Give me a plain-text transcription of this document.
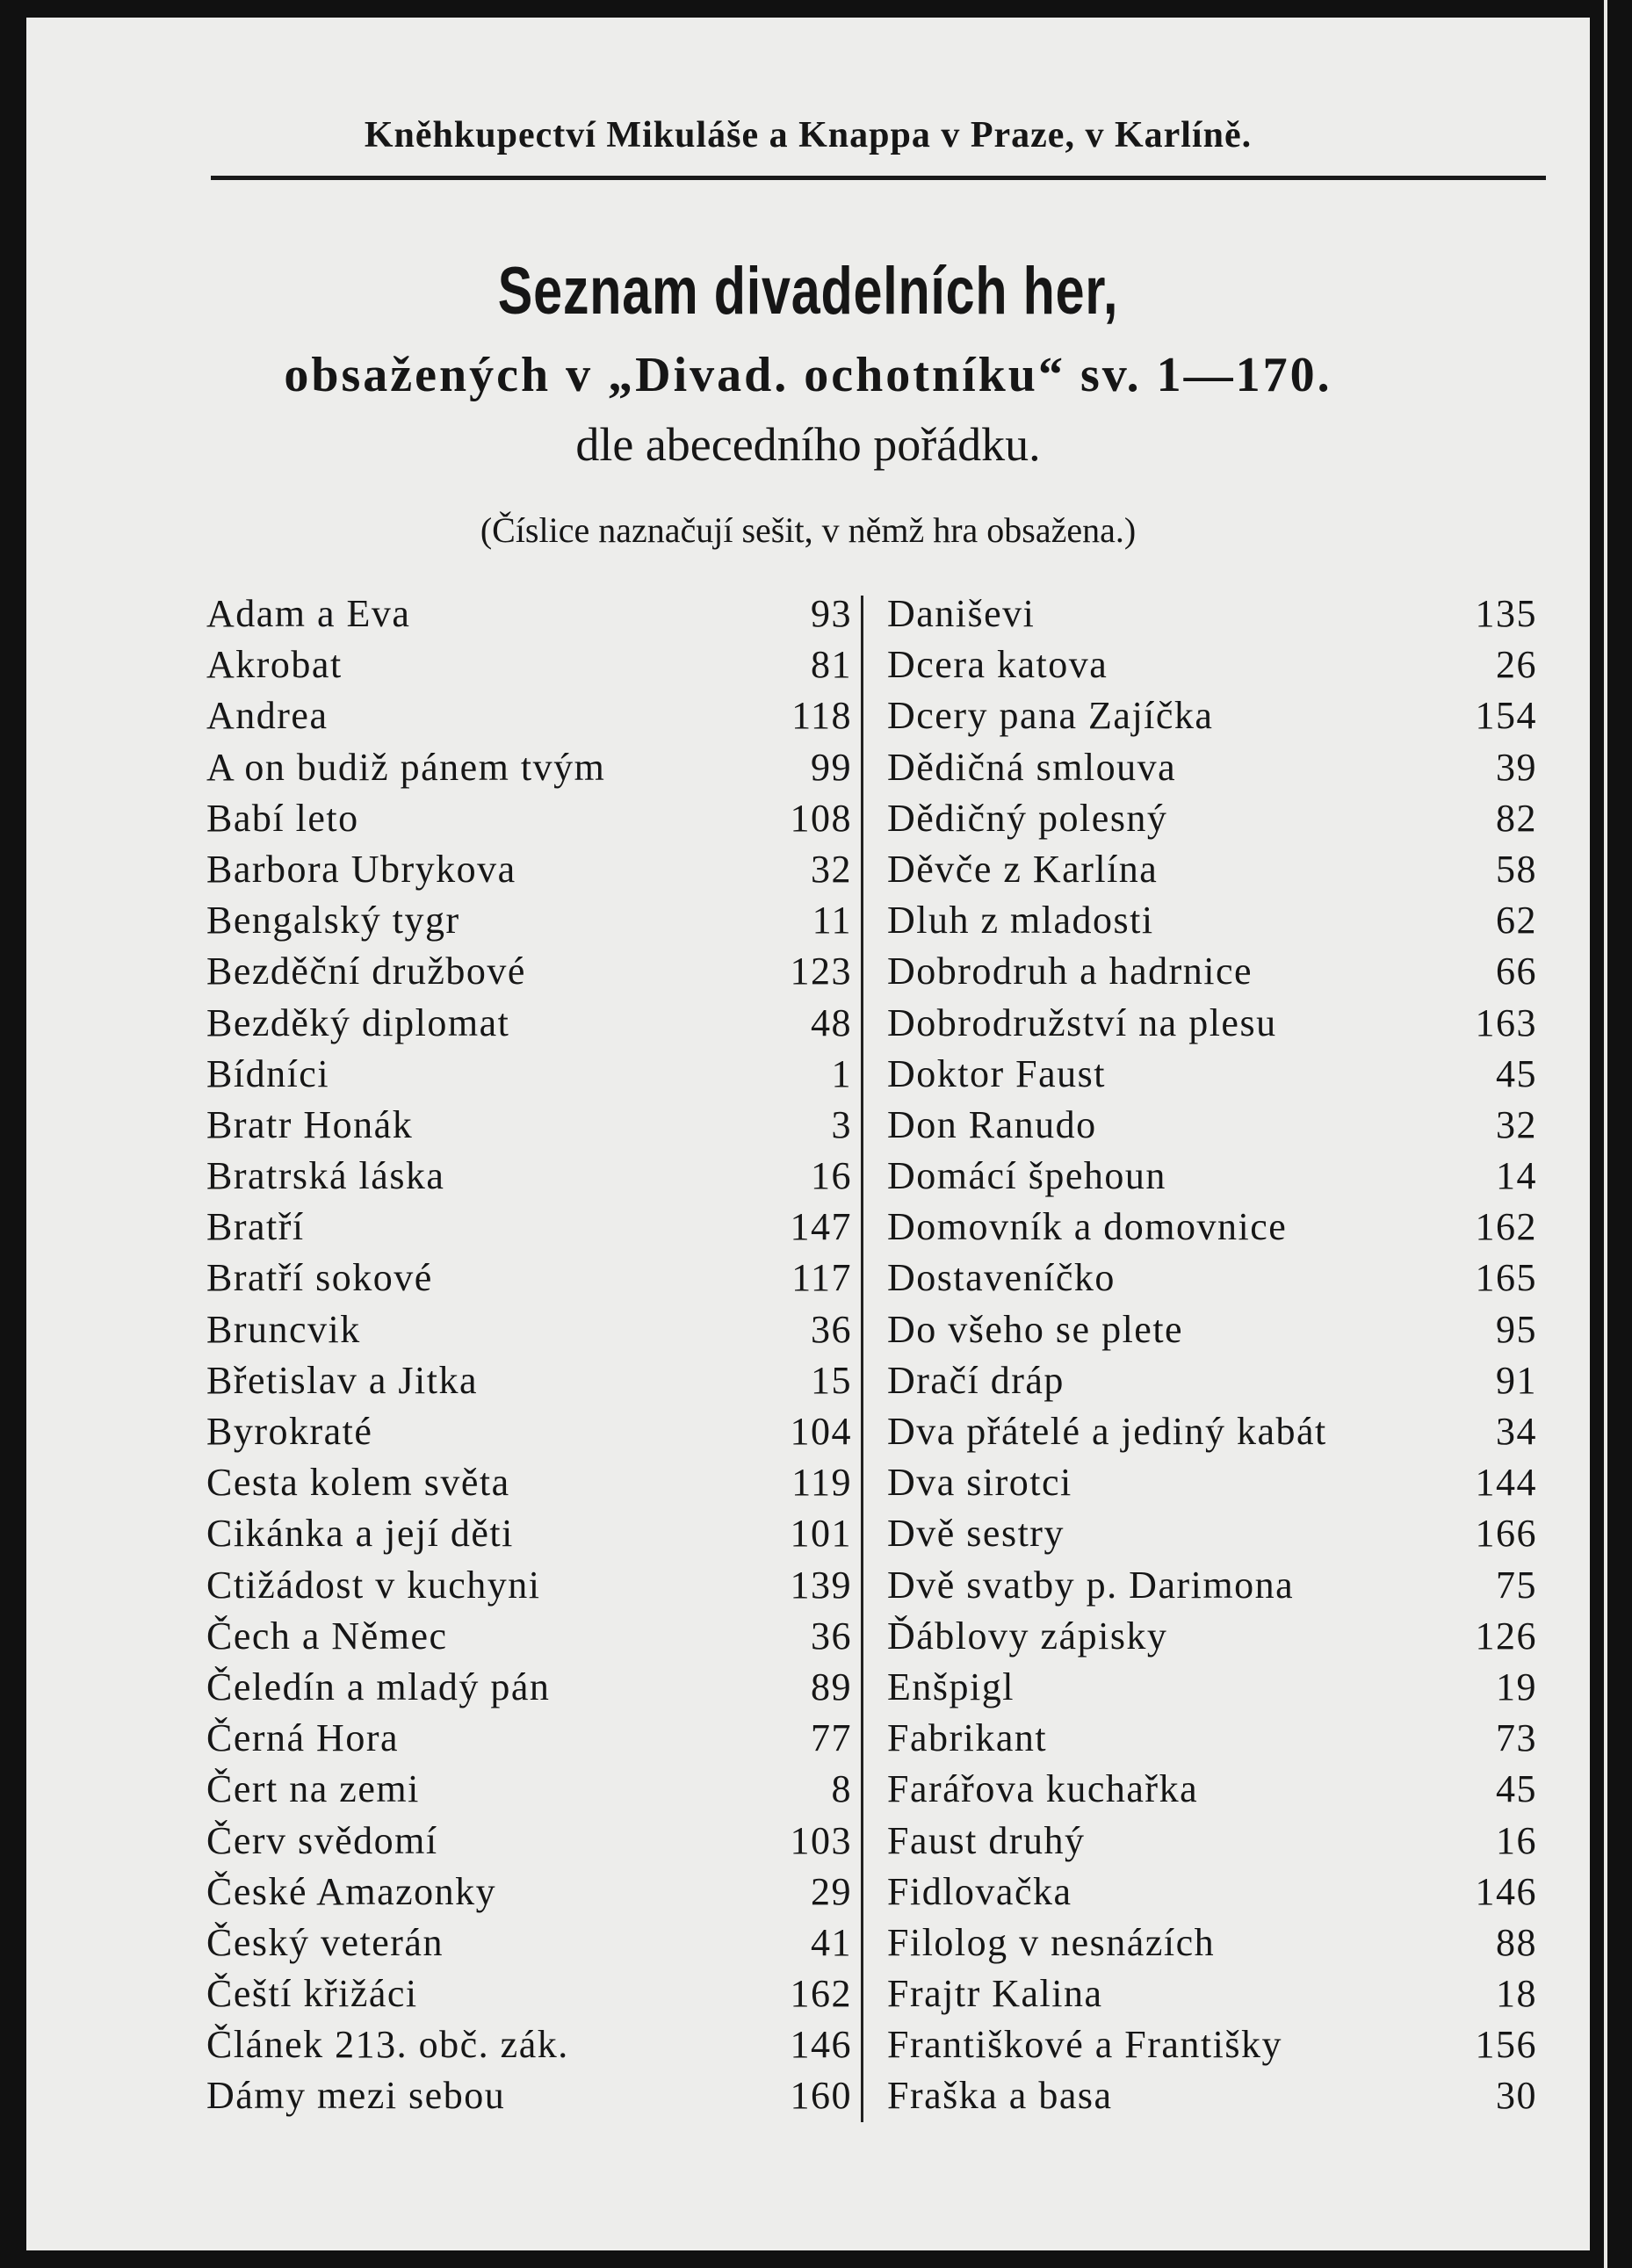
Kněhkupectví Mikuláše a Knappa v Praze, v Karlíně.
Seznam divadelních her,
obsažených v „Divad. ochotníku“ sv. 1—170.
dle abecedního pořádku.
(Číslice naznačují sešit, v němž hra obsažena.)
Adam a Eva	93
Akrobat	81
Andrea	118
A on budiž pánem tvým	99
Babí leto	108
Barbora Ubrykova	32
Bengalský tygr	11
Bezděční družbové	123
Bezděký diplomat	48
Bídníci	1
Bratr Honák	3
Bratrská láska	16
Bratří	147
Bratří sokové	117
Bruncvik	36
Břetislav a Jitka	15
Byrokraté	104
Cesta kolem světa	119
Cikánka a její děti	101
Ctižádost v kuchyni	139
Čech a Němec	36
Čeledín a mladý pán	89
Černá Hora	77
Čert na zemi	8
Červ svědomí	103
České Amazonky	29
Český veterán	41
Čeští křižáci	162
Článek 213. obč. zák.	146
Dámy mezi sebou	160
Daniševi	135
Dcera katova	26
Dcery pana Zajíčka	154
Dědičná smlouva	39
Dědičný polesný	82
Děvče z Karlína	58
Dluh z mladosti	62
Dobrodruh a hadrnice	66
Dobrodružství na plesu	163
Doktor Faust	45
Don Ranudo	32
Domácí špehoun	14
Domovník a domovnice	162
Dostaveníčko	165
Do všeho se plete	95
Dračí dráp	91
Dva přátelé a jediný kabát	34
Dva sirotci	144
Dvě sestry	166
Dvě svatby p. Darimona	75
Ďáblovy zápisky	126
Enšpigl	19
Fabrikant	73
Farářova kuchařka	45
Faust druhý	16
Fidlovačka	146
Filolog v nesnázích	88
Frajtr Kalina	18
Františkové a Františky	156
Fraška a basa	30
